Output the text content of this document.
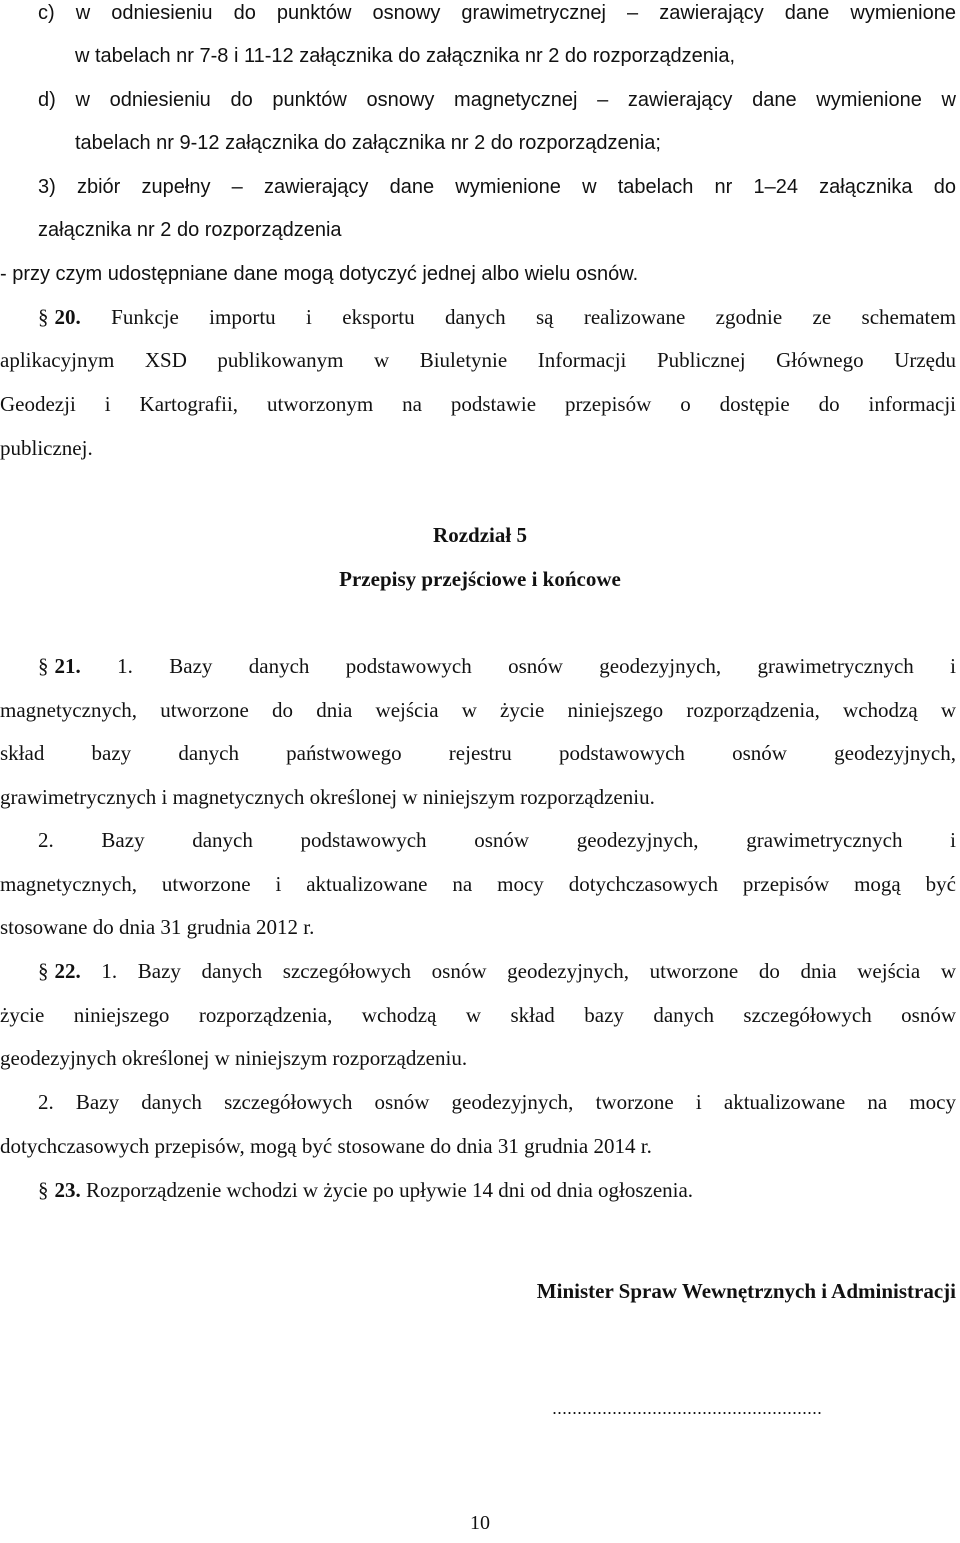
c) w odniesieniu do punktów osnowy grawimetrycznej – zawierający dane wymienione
w tabelach nr 7-8 i 11-12 załącznika do załącznika nr 2 do rozporządzenia,
d) w odniesieniu do punktów osnowy magnetycznej – zawierający dane wymienione w
tabelach nr 9-12 załącznika do załącznika nr 2 do rozporządzenia;
3) zbiór zupełny – zawierający dane wymienione w tabelach nr 1–24 załącznika do
załącznika nr 2 do rozporządzenia
- przy czym udostępniane dane mogą dotyczyć jednej albo wielu osnów.
§ 20. Funkcje importu i eksportu danych są realizowane zgodnie ze schematem
aplikacyjnym XSD publikowanym w Biuletynie Informacji Publicznej Głównego Urzędu
Geodezji i Kartografii, utworzonym na podstawie przepisów o dostępie do informacji
publicznej.
Rozdział 5
Przepisy przejściowe i końcowe
§ 21. 1. Bazy danych podstawowych osnów geodezyjnych, grawimetrycznych i
magnetycznych, utworzone do dnia wejścia w życie niniejszego rozporządzenia, wchodzą w
skład bazy danych państwowego rejestru podstawowych osnów geodezyjnych,
grawimetrycznych i magnetycznych określonej w niniejszym rozporządzeniu.
2. Bazy danych podstawowych osnów geodezyjnych, grawimetrycznych i
magnetycznych, utworzone i aktualizowane na mocy dotychczasowych przepisów mogą być
stosowane do dnia 31 grudnia 2012 r.
§ 22. 1. Bazy danych szczegółowych osnów geodezyjnych, utworzone do dnia wejścia w
życie niniejszego rozporządzenia, wchodzą w skład bazy danych szczegółowych osnów
geodezyjnych określonej w niniejszym rozporządzeniu.
2. Bazy danych szczegółowych osnów geodezyjnych, tworzone i aktualizowane na mocy
dotychczasowych przepisów, mogą być stosowane do dnia 31 grudnia 2014 r.
§ 23. Rozporządzenie wchodzi w życie po upływie 14 dni od dnia ogłoszenia.
Minister Spraw Wewnętrznych i Administracji
......................................................
10
